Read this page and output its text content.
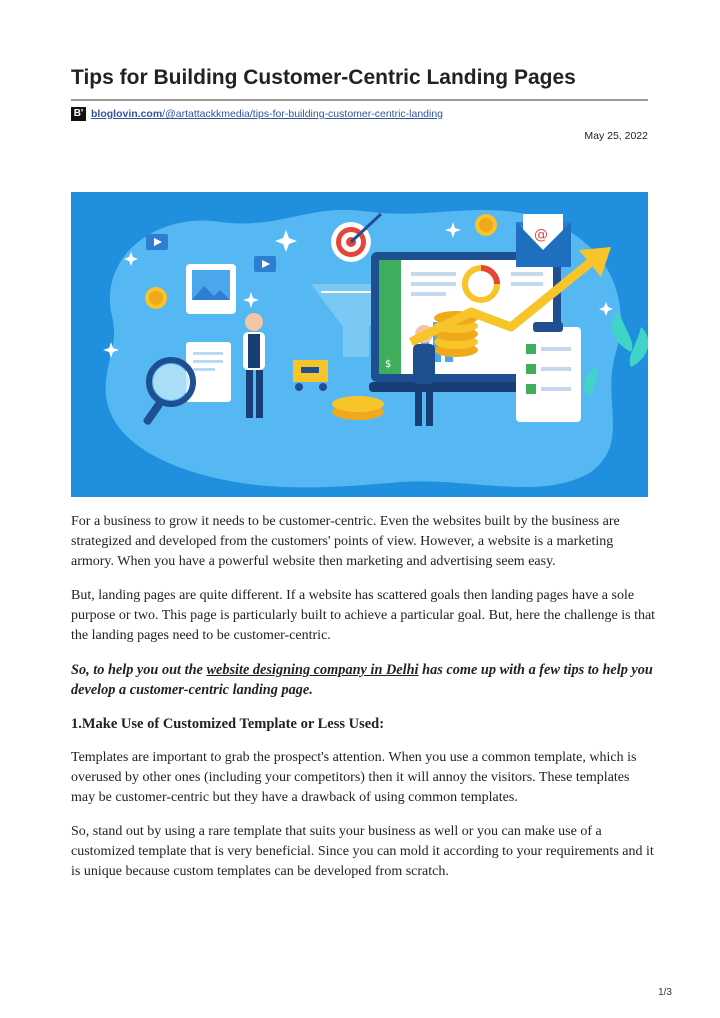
Tips for Building Customer-Centric Landing Pages
B' bloglovin.com /@artattackkmedia/tips-for-building-customer-centric-landing
May 25, 2022
$
@

For a business to grow it needs to be customer-centric. Even the websites built by the business are strategized and developed from the customers' points of view. However, a website is a marketing armory. When you have a powerful website then marketing and advertising seem easy.

But, landing pages are quite different. If a website has scattered goals then landing pages have a sole purpose or two. This page is particularly built to achieve a particular goal. But, here the challenge is that the landing pages need to be customer-centric.

So, to help you out the website designing company in Delhi has come up with a few tips to help you develop a customer-centric landing page.

1.Make Use of Customized Template or Less Used:

Templates are important to grab the prospect's attention. When you use a common template, which is overused by other ones (including your competitors) then it will annoy the visitors. These templates may be customer-centric but they have a drawback of using common templates.

So, stand out by using a rare template that suits your business as well or you can make use of a customized template that is very beneficial. Since you can mold it according to your requirements and it is unique because custom templates can be developed from scratch.

1/3
